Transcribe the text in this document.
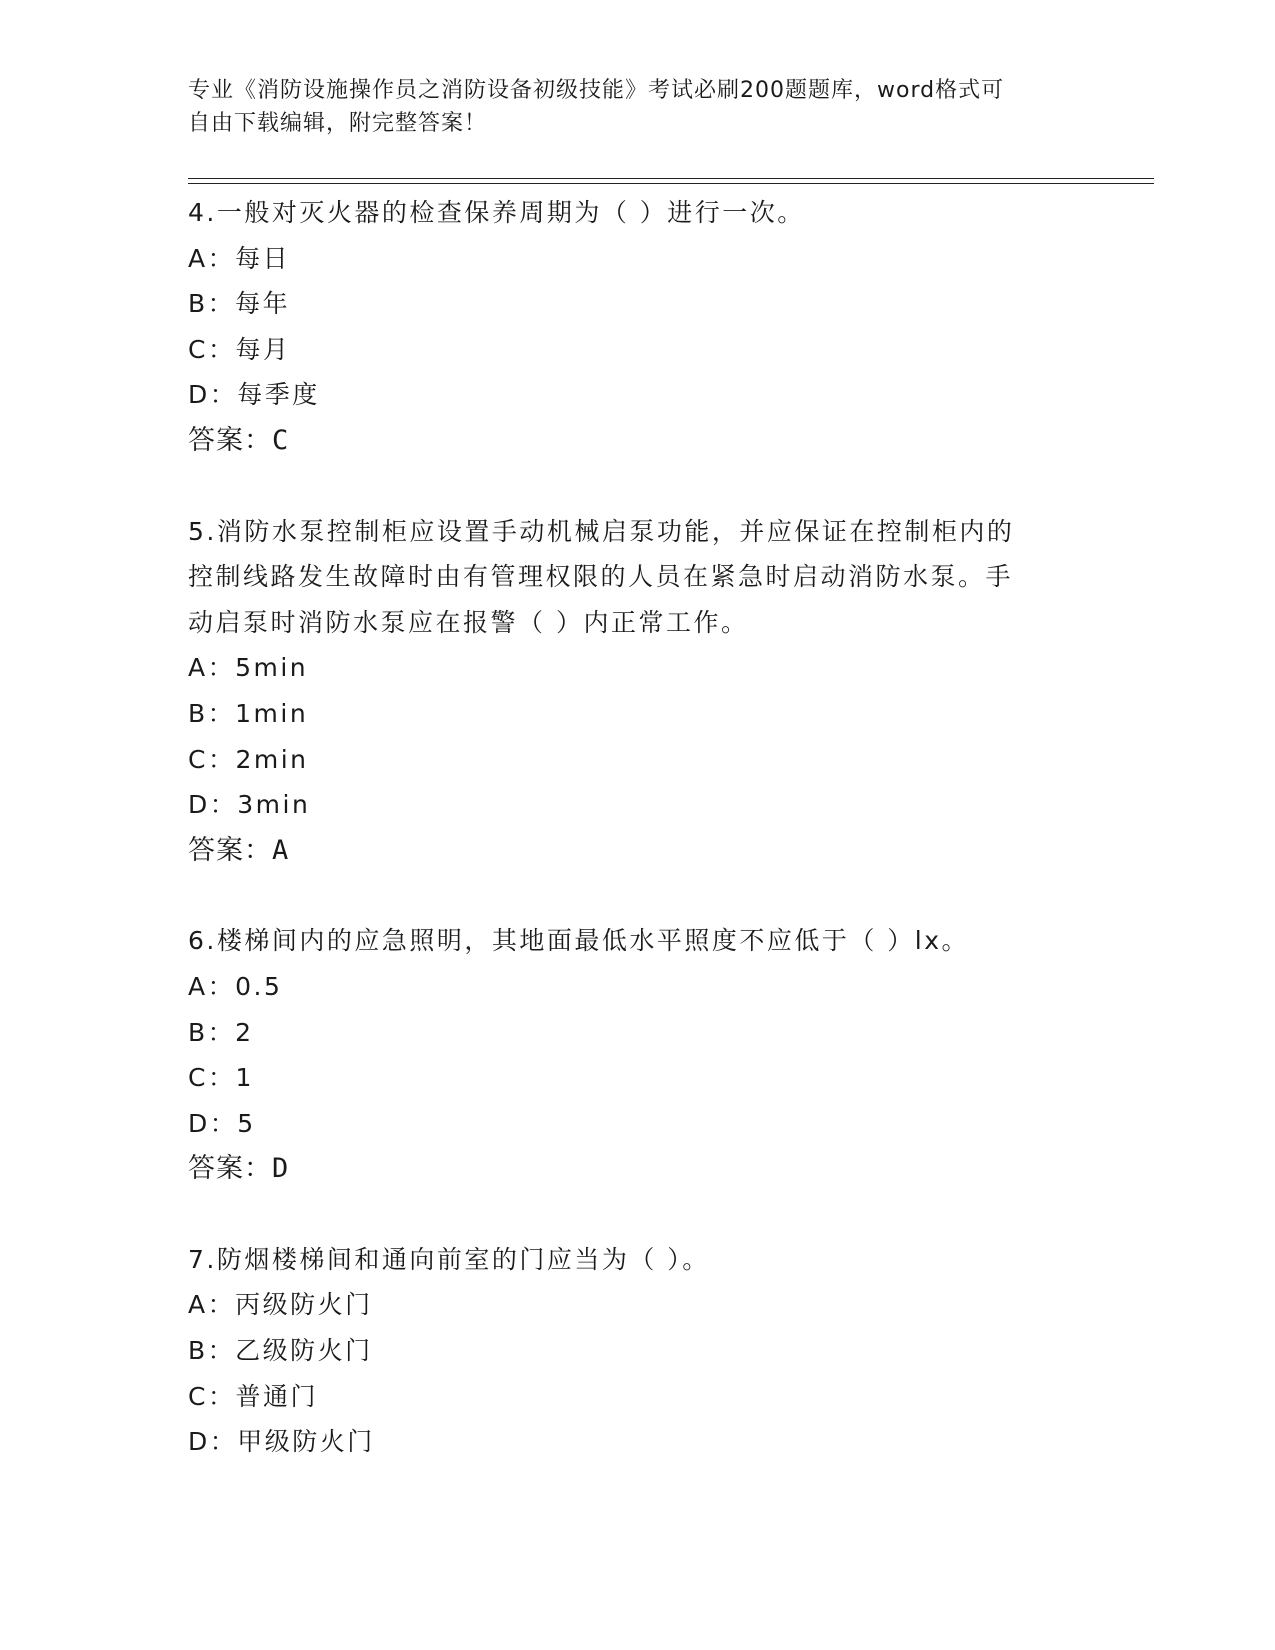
专业《消防设施操作员之消防设备初级技能》考试必刷200题题库，word格式可
自由下载编辑，附完整答案！
4.一般对灭火器的检查保养周期为（ ）进行一次。
A：每日
B：每年
C：每月
D：每季度
答案：C
5.消防水泵控制柜应设置手动机械启泵功能，并应保证在控制柜内的
控制线路发生故障时由有管理权限的人员在紧急时启动消防水泵。手
动启泵时消防水泵应在报警（ ）内正常工作。
A：5min
B：1min
C：2min
D：3min
答案：A
6.楼梯间内的应急照明，其地面最低水平照度不应低于（ ）lx。
A：0.5
B：2
C：1
D：5
答案：D
7.防烟楼梯间和通向前室的门应当为（ ）。
A：丙级防火门
B：乙级防火门
C：普通门
D：甲级防火门
